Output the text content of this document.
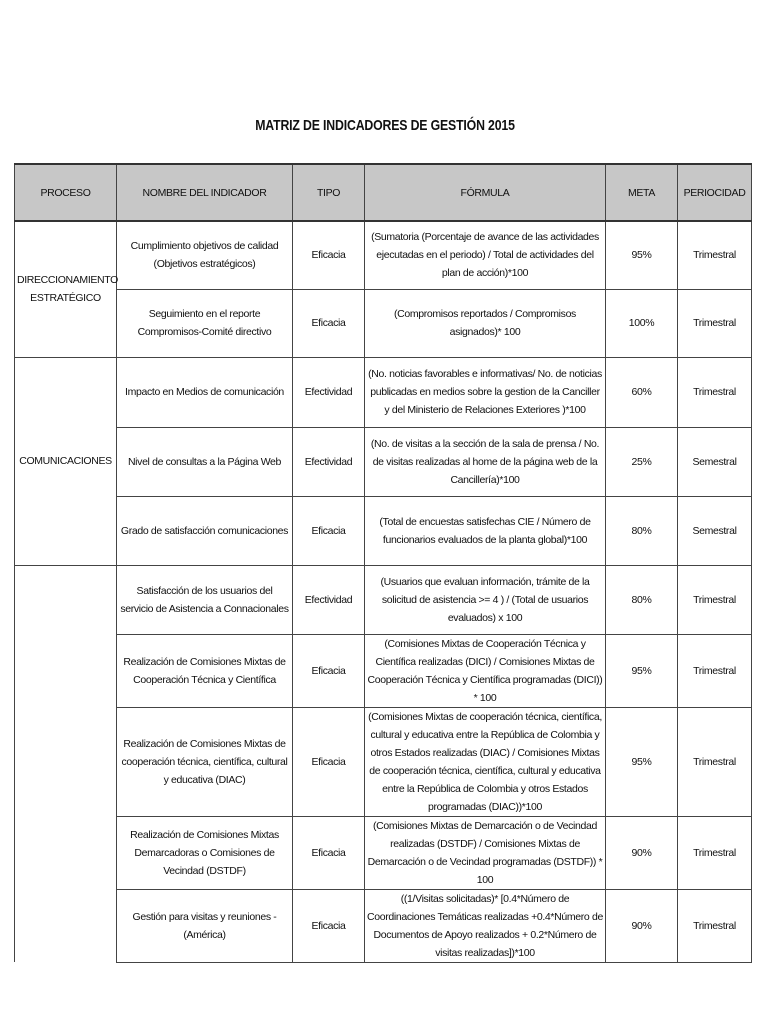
MATRIZ DE INDICADORES DE GESTIÓN 2015
PROCESO	NOMBRE DEL INDICADOR	TIPO	FÓRMULA	META	PERIOCIDAD
DIRECCIONAMIENTO ESTRATÉGICO	Cumplimiento objetivos de calidad (Objetivos estratégicos)	Eficacia	(Sumatoria (Porcentaje de avance de las actividades ejecutadas en el periodo) / Total de actividades del plan de acción)*100	95%	Trimestral
	Seguimiento en el reporte Compromisos-Comité directivo	Eficacia	(Compromisos reportados / Compromisos asignados)* 100	100%	Trimestral
COMUNICACIONES	Impacto en Medios de comunicación	Efectividad	(No. noticias favorables e informativas/ No. de noticias publicadas en medios sobre la gestion de la Canciller y del Ministerio de Relaciones Exteriores )*100	60%	Trimestral
	Nivel de consultas a la Página Web	Efectividad	(No. de visitas a la sección de la sala de prensa / No. de visitas realizadas al home de la página web de la Cancillería)*100	25%	Semestral
	Grado de satisfacción comunicaciones	Eficacia	(Total de encuestas satisfechas CIE / Número de funcionarios evaluados de la planta global)*100	80%	Semestral
	Satisfacción de los usuarios del servicio de Asistencia a Connacionales	Efectividad	(Usuarios que evaluan información, trámite de la solicitud de asistencia >= 4 ) / (Total de usuarios evaluados) x 100	80%	Trimestral
	Realización de Comisiones Mixtas de Cooperación Técnica y Científica	Eficacia	(Comisiones Mixtas de Cooperación Técnica y Científica realizadas (DICI) / Comisiones Mixtas de Cooperación Técnica y Científica programadas (DICI)) * 100	95%	Trimestral
	Realización de Comisiones Mixtas de cooperación técnica, científica, cultural y educativa (DIAC)	Eficacia	(Comisiones Mixtas de cooperación técnica, científica, cultural y educativa entre la República de Colombia y otros Estados realizadas (DIAC) / Comisiones Mixtas de cooperación técnica, científica, cultural y educativa entre la República de Colombia y otros Estados programadas (DIAC))*100	95%	Trimestral
	Realización de Comisiones Mixtas Demarcadoras o Comisiones de Vecindad (DSTDF)	Eficacia	(Comisiones Mixtas de Demarcación o de Vecindad realizadas (DSTDF) / Comisiones Mixtas de Demarcación o de Vecindad programadas (DSTDF)) * 100	90%	Trimestral
	Gestión para visitas y reuniones - (América)	Eficacia	((1/Visitas solicitadas)* [0.4*Número de Coordinaciones Temáticas realizadas +0.4*Número de Documentos de Apoyo realizados + 0.2*Número de visitas realizadas])*100	90%	Trimestral
